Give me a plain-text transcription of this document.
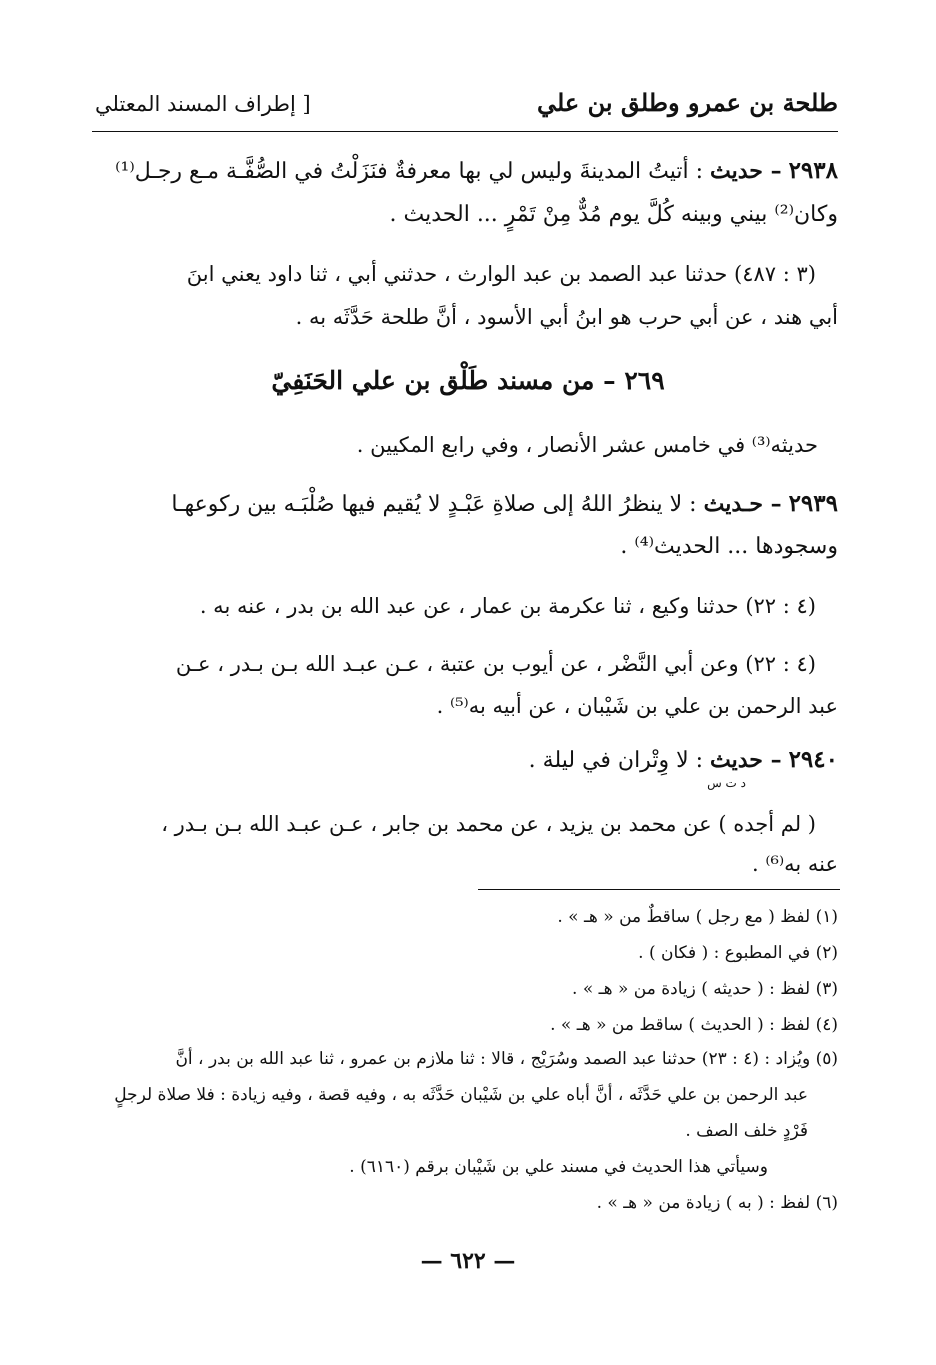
طلحة بن عمرو وطلق بن علي
[ إطراف المسند المعتلي
٢٩٣٨ – حديث : أتيتُ المدينةَ وليس لي بها معرفةٌ فنَزَلْتُ في الصُّفَّـة مـع رجـل⁽¹⁾
وكان⁽²⁾ بيني وبينه كُلَّ يوم مُدٌّ مِنْ تَمْرٍ ... الحديث .
(٣ : ٤٨٧) حدثنا عبد الصمد بن عبد الوارث ، حدثني أبي ، ثنا داود يعني ابنَ
أبي هند ، عن أبي حرب هو ابنُ أبي الأسود ، أنَّ طلحة حَدَّثَه به .
٢٦٩ – من مسند طَلْق بن علي الحَنَفِيّ
حديثه⁽³⁾ في خامس عشر الأنصار ، وفي رابع المكيين .
٢٩٣٩ – حـديث : لا ينظرُ اللهُ إلى صلاةِ عَبْـدٍ لا يُقيم فيها صُلْبَـه بين ركوعهـا
وسجودها ... الحديث⁽⁴⁾ .
(٤ : ٢٢) حدثنا وكيع ، ثنا عكرمة بن عمار ، عن عبد الله بن بدر ، عنه به .
(٤ : ٢٢) وعن أبي النَّضْر ، عن أيوب بن عتبة ، عـن عبـد الله بـن بـدر ، عـن
عبد الرحمن بن علي بن شَيْبان ، عن أبيه به⁽⁵⁾ .
٢٩٤٠ – حديث : لا وِتْران في ليلة .
د ت س
( لم أجده ) عن محمد بن يزيد ، عن محمد بن جابر ، عـن عبـد الله بـن بـدر ،
عنه به⁽⁶⁾ .
(١) لفظ ( مع رجل ) ساقطٌ من « هـ » .
(٢) في المطبوع : ( فكان ) .
(٣) لفظ : ( حديثه ) زيادة من « هـ » .
(٤) لفظ : ( الحديث ) ساقط من « هـ » .
(٥) ويُزاد : (٤ : ٢٣) حدثنا عبد الصمد وسُرَيْج ، قالا : ثنا ملازم بن عمرو ، ثنا عبد الله بن بدر ، أنَّ
عبد الرحمن بن علي حَدَّثَه ، أنَّ أباه علي بن شَيْبان حَدَّثَه به ، وفيه قصة ، وفيه زيادة : فلا صلاة لرجلٍ
فَرْدٍ خلف الصف .
وسيأتي هذا الحديث في مسند علي بن شَيْبان برقم (٦١٦٠) .
(٦) لفظ : ( به ) زيادة من « هـ » .
— ٦٢٢ —
